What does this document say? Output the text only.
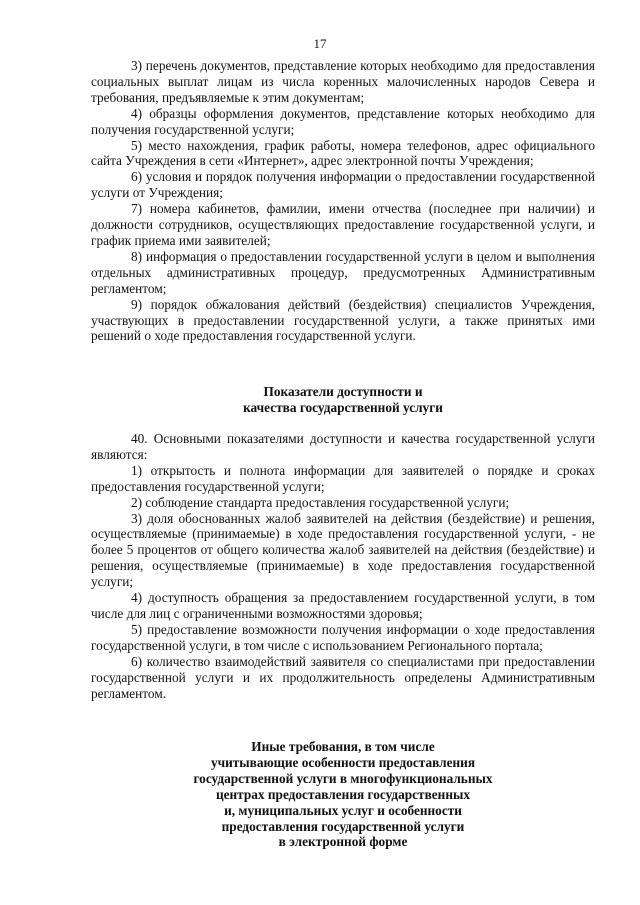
17

3) перечень документов, представление которых необходимо для предоставления социальных выплат лицам из числа коренных малочисленных народов Севера и требования, предъявляемые к этим документам;

4) образцы оформления документов, представление которых необходимо для получения государственной услуги;

5) место нахождения, график работы, номера телефонов, адрес официального сайта Учреждения в сети «Интернет», адрес электронной почты Учреждения;

6) условия и порядок получения информации о предоставлении государственной услуги от Учреждения;

7) номера кабинетов, фамилии, имени отчества (последнее при наличии) и должности сотрудников, осуществляющих предоставление государственной услуги, и график приема ими заявителей;

8) информация о предоставлении государственной услуги в целом и выполнения отдельных административных процедур, предусмотренных Административным регламентом;

9) порядок обжалования действий (бездействия) специалистов Учреждения, участвующих в предоставлении государственной услуги, а также принятых ими решений о ходе предоставления государственной услуги.

Показатели доступности и
качества государственной услуги

40. Основными показателями доступности и качества государственной услуги являются:

1) открытость и полнота информации для заявителей о порядке и сроках предоставления государственной услуги;

2) соблюдение стандарта предоставления государственной услуги;

3) доля обоснованных жалоб заявителей на действия (бездействие) и решения, осуществляемые (принимаемые) в ходе предоставления государственной услуги, - не более 5 процентов от общего количества жалоб заявителей на действия (бездействие) и решения, осуществляемые (принимаемые) в ходе предоставления государственной услуги;

4) доступность обращения за предоставлением государственной услуги, в том числе для лиц с ограниченными возможностями здоровья;

5) предоставление возможности получения информации о ходе предоставления государственной услуги, в том числе с использованием Регионального портала;

6) количество взаимодействий заявителя со специалистами при предоставлении государственной услуги и их продолжительность определены Административным регламентом.

Иные требования, в том числе
учитывающие особенности предоставления
государственной услуги в многофункциональных
центрах предоставления государственных
и, муниципальных услуг и особенности
предоставления государственной услуги
в электронной форме
